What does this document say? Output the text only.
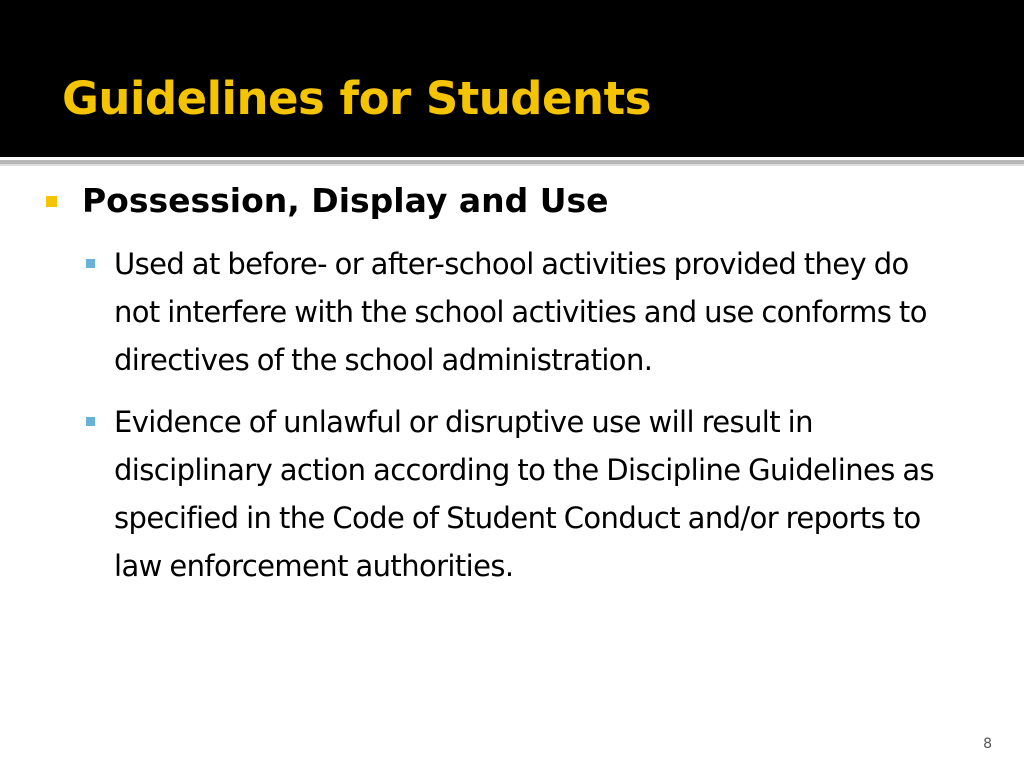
Guidelines for Students

Possession, Display and Use

Used at before- or after-school activities provided they do not interfere with the school activities and use conforms to directives of the school administration.
Evidence of unlawful or disruptive use will result in disciplinary action according to the Discipline Guidelines as specified in the Code of Student Conduct and/or reports to law enforcement authorities.
8
